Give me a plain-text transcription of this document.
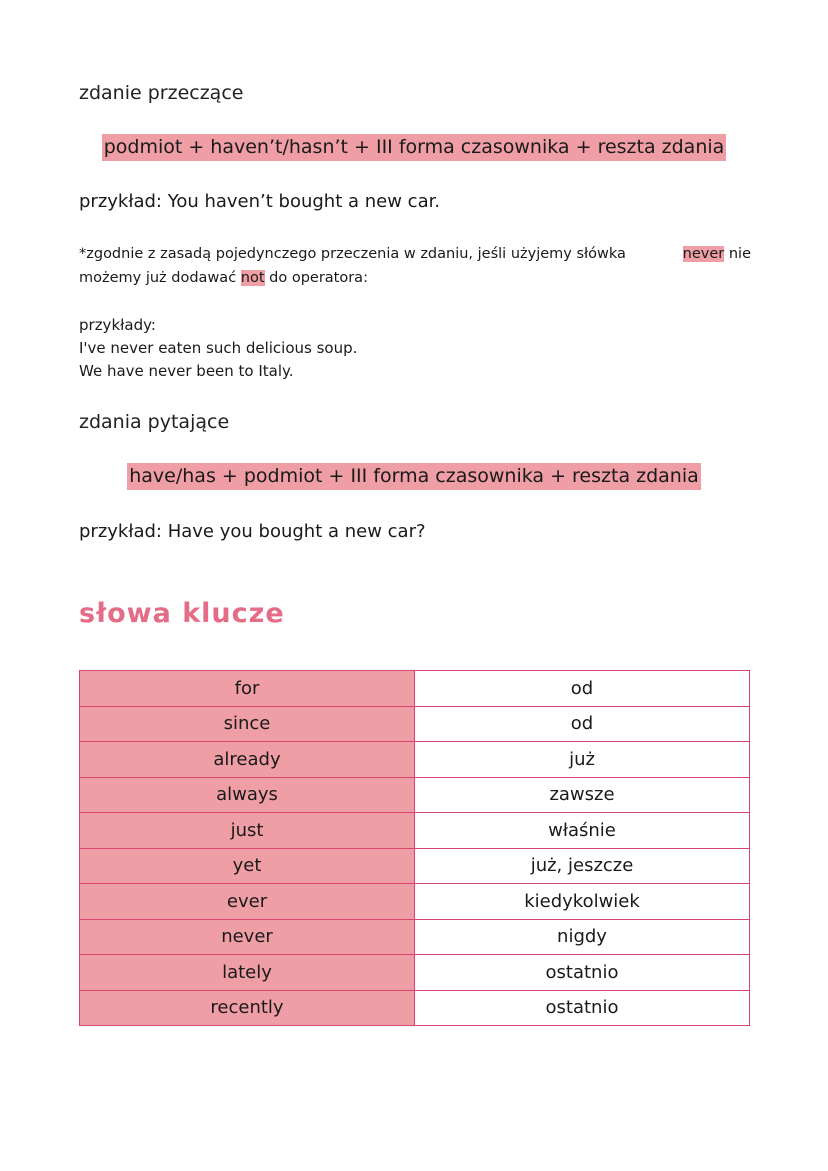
zdanie przeczące
podmiot + haven’t/hasn’t + III forma czasownika + reszta zdania
przykład: You haven’t bought a new car.
*zgodnie z zasadą pojedynczego przeczenia w zdaniu, jeśli użyjemy słówka	never nie
możemy już dodawać not do operatora:
przykłady:
I've never eaten such delicious soup.
We have never been to Italy.
zdania pytające
have/has + podmiot + III forma czasownika + reszta zdania
przykład: Have you bought a new car?
słowa klucze
for	od
since	od
already	już
always	zawsze
just	właśnie
yet	już, jeszcze
ever	kiedykolwiek
never	nigdy
lately	ostatnio
recently	ostatnio
